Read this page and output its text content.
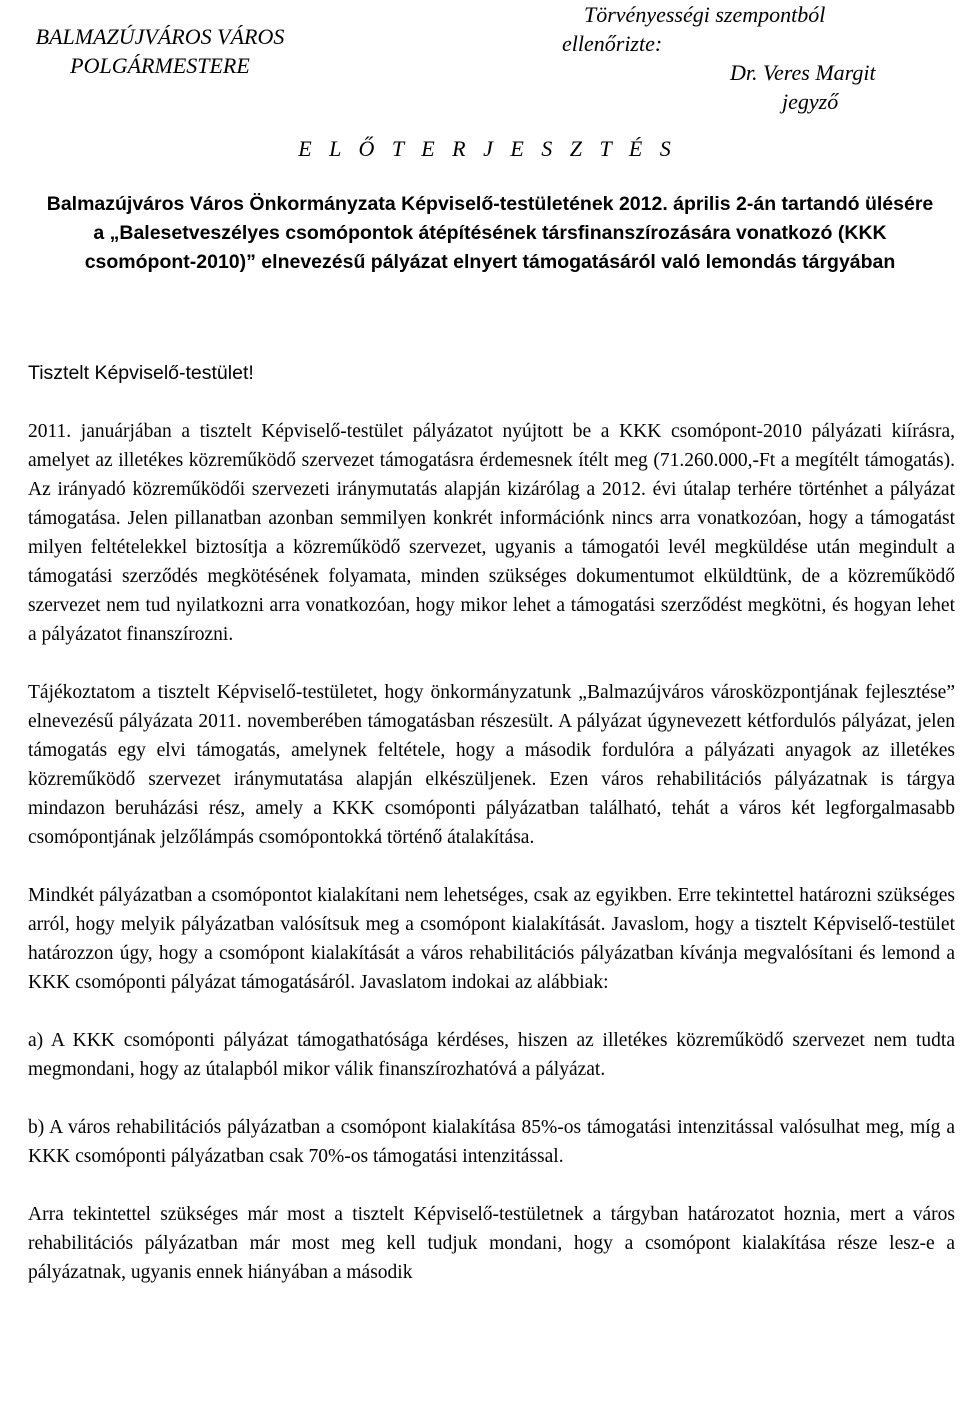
BALMAZÚJVÁROS VÁROS
POLGÁRMESTERE
Törvényességi szempontból
ellenőrizte:
Dr. Veres Margit
jegyző
E L Ő T E R J E S Z T É S
Balmazújváros Város Önkormányzata Képviselő-testületének 2012. április 2-án tartandó ülésére a „Balesetveszélyes csomópontok átépítésének társfinanszírozására vonatkozó (KKK csomópont-2010)” elnevezésű pályázat elnyert támogatásáról való lemondás tárgyában
Tisztelt Képviselő-testület!

2011. januárjában a tisztelt Képviselő-testület pályázatot nyújtott be a KKK csomópont-2010 pályázati kiírásra, amelyet az illetékes közreműködő szervezet támogatásra érdemesnek ítélt meg (71.260.000,-Ft a megítélt támogatás). Az irányadó közreműködői szervezeti iránymutatás alapján kizárólag a 2012. évi útalap terhére történhet a pályázat támogatása. Jelen pillanatban azonban semmilyen konkrét információnk nincs arra vonatkozóan, hogy a támogatást milyen feltételekkel biztosítja a közreműködő szervezet, ugyanis a támogatói levél megküldése után megindult a támogatási szerződés megkötésének folyamata, minden szükséges dokumentumot elküldtünk, de a közreműködő szervezet nem tud nyilatkozni arra vonatkozóan, hogy mikor lehet a támogatási szerződést megkötni, és hogyan lehet a pályázatot finanszírozni.

Tájékoztatom a tisztelt Képviselő-testületet, hogy önkormányzatunk „Balmazújváros városközpontjának fejlesztése” elnevezésű pályázata 2011. novemberében támogatásban részesült. A pályázat úgynevezett kétfordulós pályázat, jelen támogatás egy elvi támogatás, amelynek feltétele, hogy a második fordulóra a pályázati anyagok az illetékes közreműködő szervezet iránymutatása alapján elkészüljenek. Ezen város rehabilitációs pályázatnak is tárgya mindazon beruházási rész, amely a KKK csomóponti pályázatban található, tehát a város két legforgalmasabb csomópontjának jelzőlámpás csomópontokká történő átalakítása.

Mindkét pályázatban a csomópontot kialakítani nem lehetséges, csak az egyikben. Erre tekintettel határozni szükséges arról, hogy melyik pályázatban valósítsuk meg a csomópont kialakítását. Javaslom, hogy a tisztelt Képviselő-testület határozzon úgy, hogy a csomópont kialakítását a város rehabilitációs pályázatban kívánja megvalósítani és lemond a KKK csomóponti pályázat támogatásáról. Javaslatom indokai az alábbiak:

a) A KKK csomóponti pályázat támogathatósága kérdéses, hiszen az illetékes közreműködő szervezet nem tudta megmondani, hogy az útalapból mikor válik finanszírozhatóvá a pályázat.

b) A város rehabilitációs pályázatban a csomópont kialakítása 85%-os támogatási intenzitással valósulhat meg, míg a KKK csomóponti pályázatban csak 70%-os támogatási intenzitással.

Arra tekintettel szükséges már most a tisztelt Képviselő-testületnek a tárgyban határozatot hoznia, mert a város rehabilitációs pályázatban már most meg kell tudjuk mondani, hogy a csomópont kialakítása része lesz-e a pályázatnak, ugyanis ennek hiányában a második
